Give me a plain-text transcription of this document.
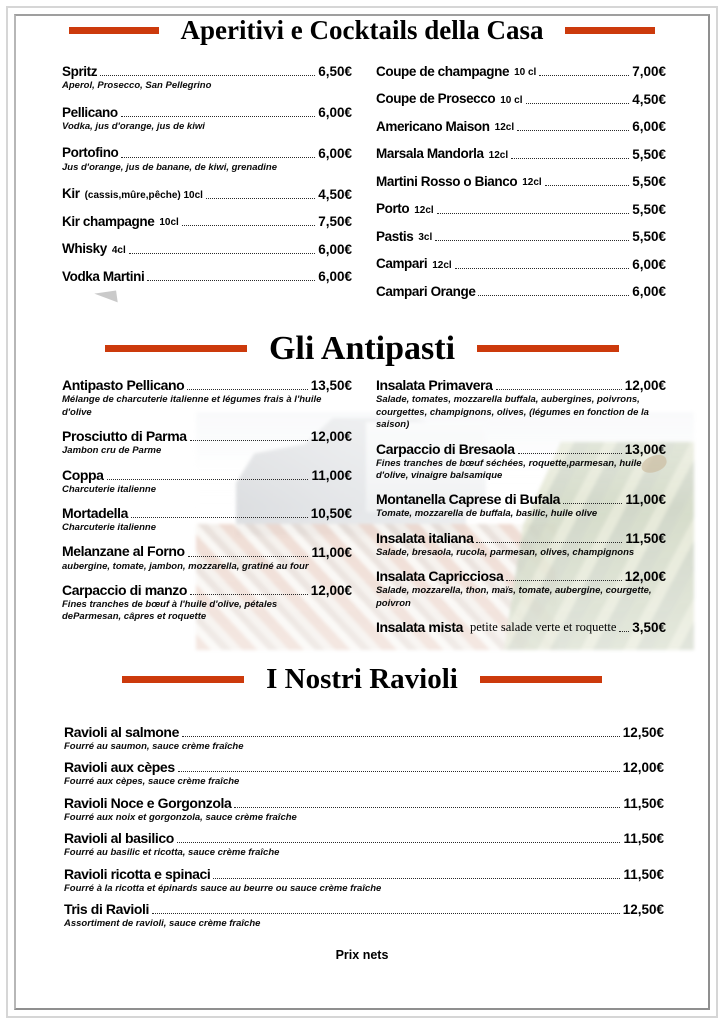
Aperitivi e Cocktails della Casa
Spritz	6,50€
Aperol, Prosecco, San Pellegrino
Pellicano	6,00€
Vodka, jus d'orange, jus de kiwi
Portofino	6,00€
Jus d'orange, jus de banane, de kiwi, grenadine
Kir (cassis,mûre,pêche) 10cl	4,50€
Kir champagne 10cl	7,50€
Whisky 4cl	6,00€
Vodka Martini	6,00€
Coupe de champagne 10 cl	7,00€
Coupe de Prosecco 10 cl	4,50€
Americano Maison 12cl	6,00€
Marsala Mandorla 12cl	5,50€
Martini Rosso o Bianco 12cl	5,50€
Porto 12cl	5,50€
Pastis 3cl	5,50€
Campari 12cl	6,00€
Campari Orange	6,00€
Gli Antipasti
Antipasto Pellicano	13,50€
Mélange de charcuterie italienne et légumes frais à l'huile d'olive
Prosciutto di Parma	12,00€
Jambon cru de Parme
Coppa	11,00€
Charcuterie italienne
Mortadella	10,50€
Charcuterie italienne
Melanzane al Forno	11,00€
aubergine, tomate, jambon, mozzarella, gratiné au four
Carpaccio di manzo	12,00€
Fines tranches de bœuf à l'huile d'olive, pétales deParmesan, câpres et roquette
Insalata Primavera	12,00€
Salade, tomates, mozzarella buffala, aubergines, poivrons, courgettes, champignons, olives, (légumes en fonction de la saison)
Carpaccio di Bresaola	13,00€
Fines tranches de bœuf séchées, roquette,parmesan, huile d'olive, vinaigre balsamique
Montanella Caprese di Bufala	11,00€
Tomate, mozzarella de buffala, basilic, huile olive
Insalata italiana	11,50€
Salade, bresaola, rucola, parmesan, olives, champignons
Insalata Capricciosa	12,00€
Salade, mozzarella, thon, maïs, tomate, aubergine, courgette, poivron
Insalata mista petite salade verte et roquette 3,50€
I Nostri Ravioli
Ravioli al salmone	12,50€
Fourré au saumon, sauce crème fraîche
Ravioli aux cèpes	12,00€
Fourré aux cèpes, sauce crème fraîche
Ravioli Noce e Gorgonzola	11,50€
Fourré aux noix et gorgonzola, sauce crème fraîche
Ravioli al basilico	11,50€
Fourré au basilic et ricotta, sauce crème fraîche
Ravioli ricotta e spinaci	11,50€
Fourré à la ricotta et épinards sauce au beurre ou sauce crème fraîche
Tris di Ravioli	12,50€
Assortiment de ravioli, sauce crème fraîche
Prix nets
